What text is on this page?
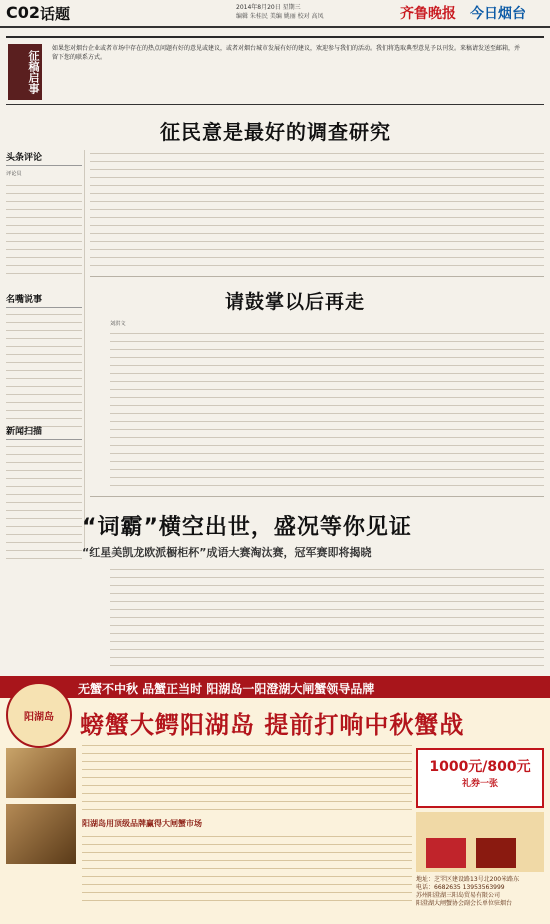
C02 话题	2014年8月20日 星期三
编辑 朱桂民 美编 姚丽 校对 高凤	齐鲁晚报 今日烟台
征稿启事
如果您对烟台企业或者市场中存在的热点问题有好的意见或建议，或者对烟台城市发展有好的建议，欢迎参与我们的活动。我们将选取典型意见予以刊发。来稿请发送至邮箱，并留下您的联系方式。
征民意是最好的调查研究
头条评论
评论员
名嘴说事
新闻扫描
请鼓掌以后再走
刘洪文
“词霸”横空出世，盛况等你见证
“红星美凯龙欧派橱柜杯”成语大赛淘汰赛，冠军赛即将揭晓
无蟹不中秋 品蟹正当时 阳湖岛一阳澄湖大闸蟹领导品牌
阳湖岛	螃蟹大鳄阳湖岛 提前打响中秋蟹战
阳湖岛用顶级品牌赢得大闸蟹市场
1000元/800元
礼券一张
地址：芝罘区建设路13号北200米路东
电话：6682635 13953563999
苏州阳澄湖三阳岛贸易有限公司
阳澄湖大闸蟹协会副会长单位驻烟台
